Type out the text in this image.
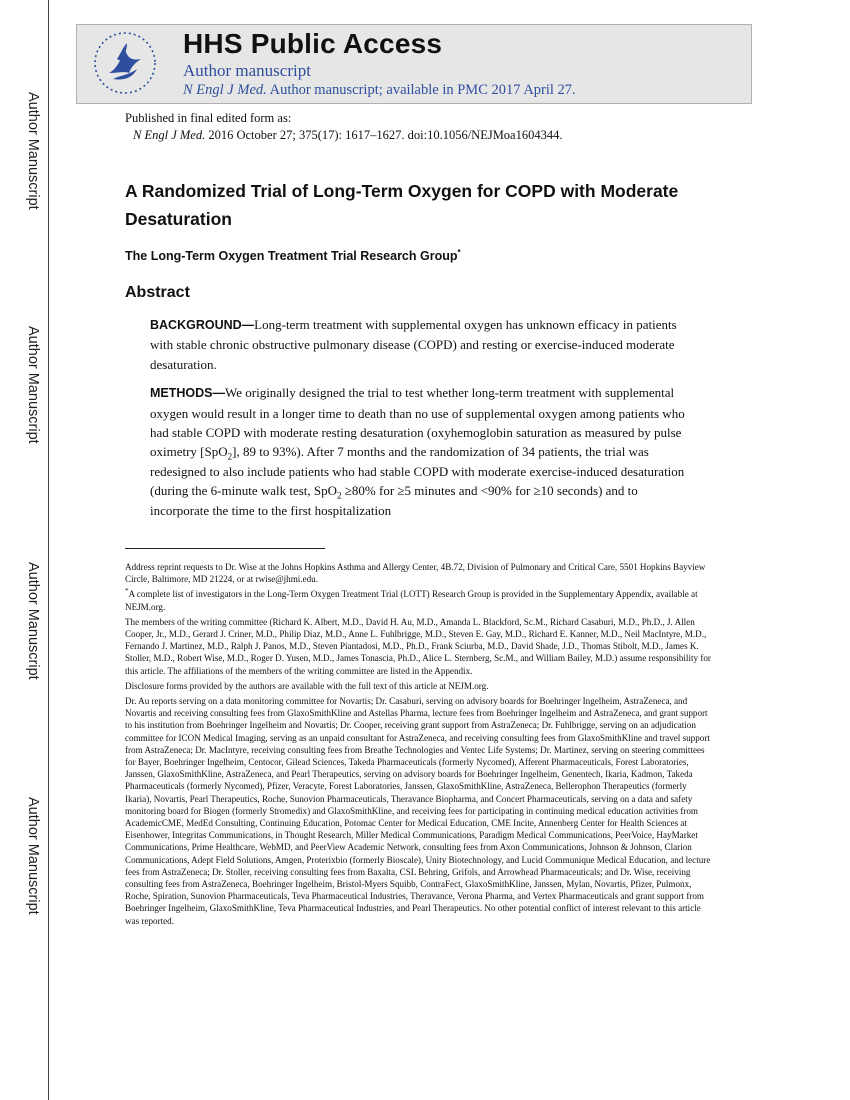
Author Manuscript
Author Manuscript
Author Manuscript
Author Manuscript
HHS Public Access
Author manuscript
N Engl J Med. Author manuscript; available in PMC 2017 April 27.
Published in final edited form as:
N Engl J Med. 2016 October 27; 375(17): 1617–1627. doi:10.1056/NEJMoa1604344.
A Randomized Trial of Long-Term Oxygen for COPD with Moderate Desaturation
The Long-Term Oxygen Treatment Trial Research Group*
Abstract

BACKGROUND—Long-term treatment with supplemental oxygen has unknown efficacy in patients with stable chronic obstructive pulmonary disease (COPD) and resting or exercise-induced moderate desaturation.

METHODS—We originally designed the trial to test whether long-term treatment with supplemental oxygen would result in a longer time to death than no use of supplemental oxygen among patients who had stable COPD with moderate resting desaturation (oxyhemoglobin saturation as measured by pulse oximetry [SpO$_2$], 89 to 93%). After 7 months and the randomization of 34 patients, the trial was redesigned to also include patients who had stable COPD with moderate exercise-induced desaturation (during the 6-minute walk test, SpO$_2$ ≥80% for ≥5 minutes and <90% for ≥10 seconds) and to incorporate the time to the first hospitalization

Address reprint requests to Dr. Wise at the Johns Hopkins Asthma and Allergy Center, 4B.72, Division of Pulmonary and Critical Care, 5501 Hopkins Bayview Circle, Baltimore, MD 21224, or at rwise@jhmi.edu.

*A complete list of investigators in the Long-Term Oxygen Treatment Trial (LOTT) Research Group is provided in the Supplementary Appendix, available at NEJM.org.

The members of the writing committee (Richard K. Albert, M.D., David H. Au, M.D., Amanda L. Blackford, Sc.M., Richard Casaburi, M.D., Ph.D., J. Allen Cooper, Jr., M.D., Gerard J. Criner, M.D., Philip Diaz, M.D., Anne L. Fuhlbrigge, M.D., Steven E. Gay, M.D., Richard E. Kanner, M.D., Neil MacIntyre, M.D., Fernando J. Martinez, M.D., Ralph J. Panos, M.D., Steven Piantadosi, M.D., Ph.D., Frank Sciurba, M.D., David Shade, J.D., Thomas Stibolt, M.D., James K. Stoller, M.D., Robert Wise, M.D., Roger D. Yusen, M.D., James Tonascia, Ph.D., Alice L. Sternberg, Sc.M., and William Bailey, M.D.) assume responsibility for this article. The affiliations of the members of the writing committee are listed in the Appendix.

Disclosure forms provided by the authors are available with the full text of this article at NEJM.org.

Dr. Au reports serving on a data monitoring committee for Novartis; Dr. Casaburi, serving on advisory boards for Boehringer Ingelheim, AstraZeneca, and Novartis and receiving consulting fees from GlaxoSmithKline and Astellas Pharma, lecture fees from Boehringer Ingelheim and AstraZeneca, and grant support to his institution from Boehringer Ingelheim and Novartis; Dr. Cooper, receiving grant support from AstraZeneca; Dr. Fuhlbrigge, serving on an adjudication committee for ICON Medical Imaging, serving as an unpaid consultant for AstraZeneca, and receiving consulting fees from GlaxoSmithKline and travel support from AstraZeneca; Dr. MacIntyre, receiving consulting fees from Breathe Technologies and Ventec Life Systems; Dr. Martinez, serving on steering committees for Bayer, Boehringer Ingelheim, Centocor, Gilead Sciences, Takeda Pharmaceuticals (formerly Nycomed), Afferent Pharmaceuticals, Forest Laboratories, Janssen, GlaxoSmithKline, AstraZeneca, and Pearl Therapeutics, serving on advisory boards for Boehringer Ingelheim, Genentech, Ikaria, Kadmon, Takeda Pharmaceuticals (formerly Nycomed), Pfizer, Veracyte, Forest Laboratories, Janssen, GlaxoSmithKline, AstraZeneca, Bellerophon Therapeutics (formerly Ikaria), Novartis, Pearl Therapeutics, Roche, Sunovion Pharmaceuticals, Theravance Biopharma, and Concert Pharmaceuticals, serving on a data and safety monitoring board for Biogen (formerly Stromedix) and GlaxoSmithKline, and receiving fees for participating in continuing medical education activities from AcademicCME, MedEd Consulting, Continuing Education, Potomac Center for Medical Education, CME Incite, Annenberg Center for Health Sciences at Eisenhower, Integritas Communications, in Thought Research, Miller Medical Communications, Paradigm Medical Communications, PeerVoice, HayMarket Communications, Prime Healthcare, WebMD, and PeerView Academic Network, consulting fees from Axon Communications, Johnson & Johnson, Clarion Communications, Adept Field Solutions, Amgen, Proterixbio (formerly Bioscale), Unity Biotechnology, and Lucid Communique Medical Education, and lecture fees from AstraZeneca; Dr. Stoller, receiving consulting fees from Baxalta, CSL Behring, Grifols, and Arrowhead Pharmaceuticals; and Dr. Wise, receiving consulting fees from AstraZeneca, Boehringer Ingelheim, Bristol-Myers Squibb, ContraFect, GlaxoSmithKline, Janssen, Mylan, Novartis, Pfizer, Pulmonx, Roche, Spiration, Sunovion Pharmaceuticals, Teva Pharmaceutical Industries, Theravance, Verona Pharma, and Vertex Pharmaceuticals and grant support from Boehringer Ingelheim, GlaxoSmithKline, Teva Pharmaceutical Industries, and Pearl Therapeutics. No other potential conflict of interest relevant to this article was reported.
